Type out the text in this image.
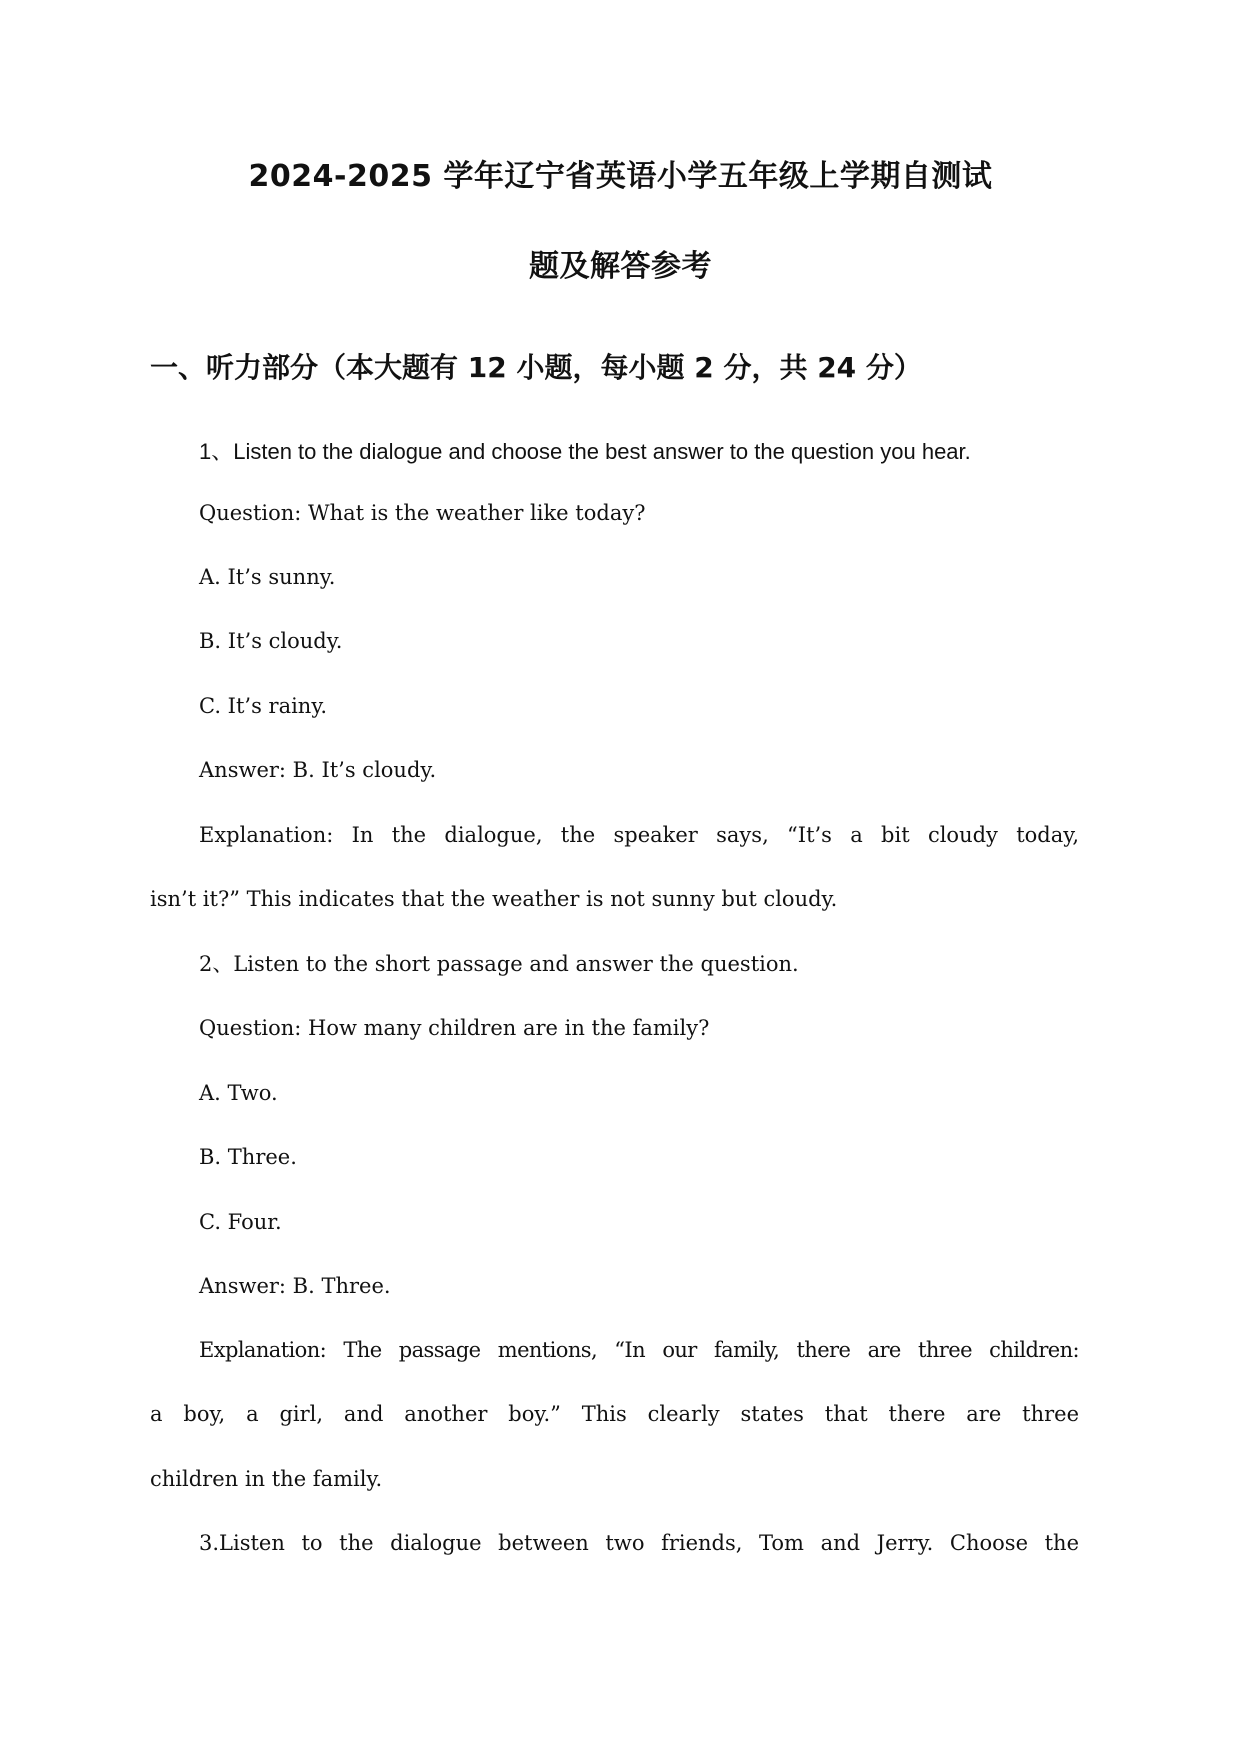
2024-2025 学年辽宁省英语小学五年级上学期自测试
题及解答参考
一、听力部分（本大题有 12 小题，每小题 2 分，共 24 分）

1、Listen to the dialogue and choose the best answer to the question you hear.

Question: What is the weather like today?

A. It’s sunny.

B. It’s cloudy.

C. It’s rainy.

Answer: B. It’s cloudy.

Explanation: In the dialogue, the speaker says, “It’s a bit cloudy today,

isn’t it?” This indicates that the weather is not sunny but cloudy.

2、Listen to the short passage and answer the question.

Question: How many children are in the family?

A. Two.

B. Three.

C. Four.

Answer: B. Three.

Explanation: The passage mentions, “In our family, there are three children:

a boy, a girl, and another boy.” This clearly states that there are three

children in the family.

3.Listen to the dialogue between two friends, Tom and Jerry. Choose the
